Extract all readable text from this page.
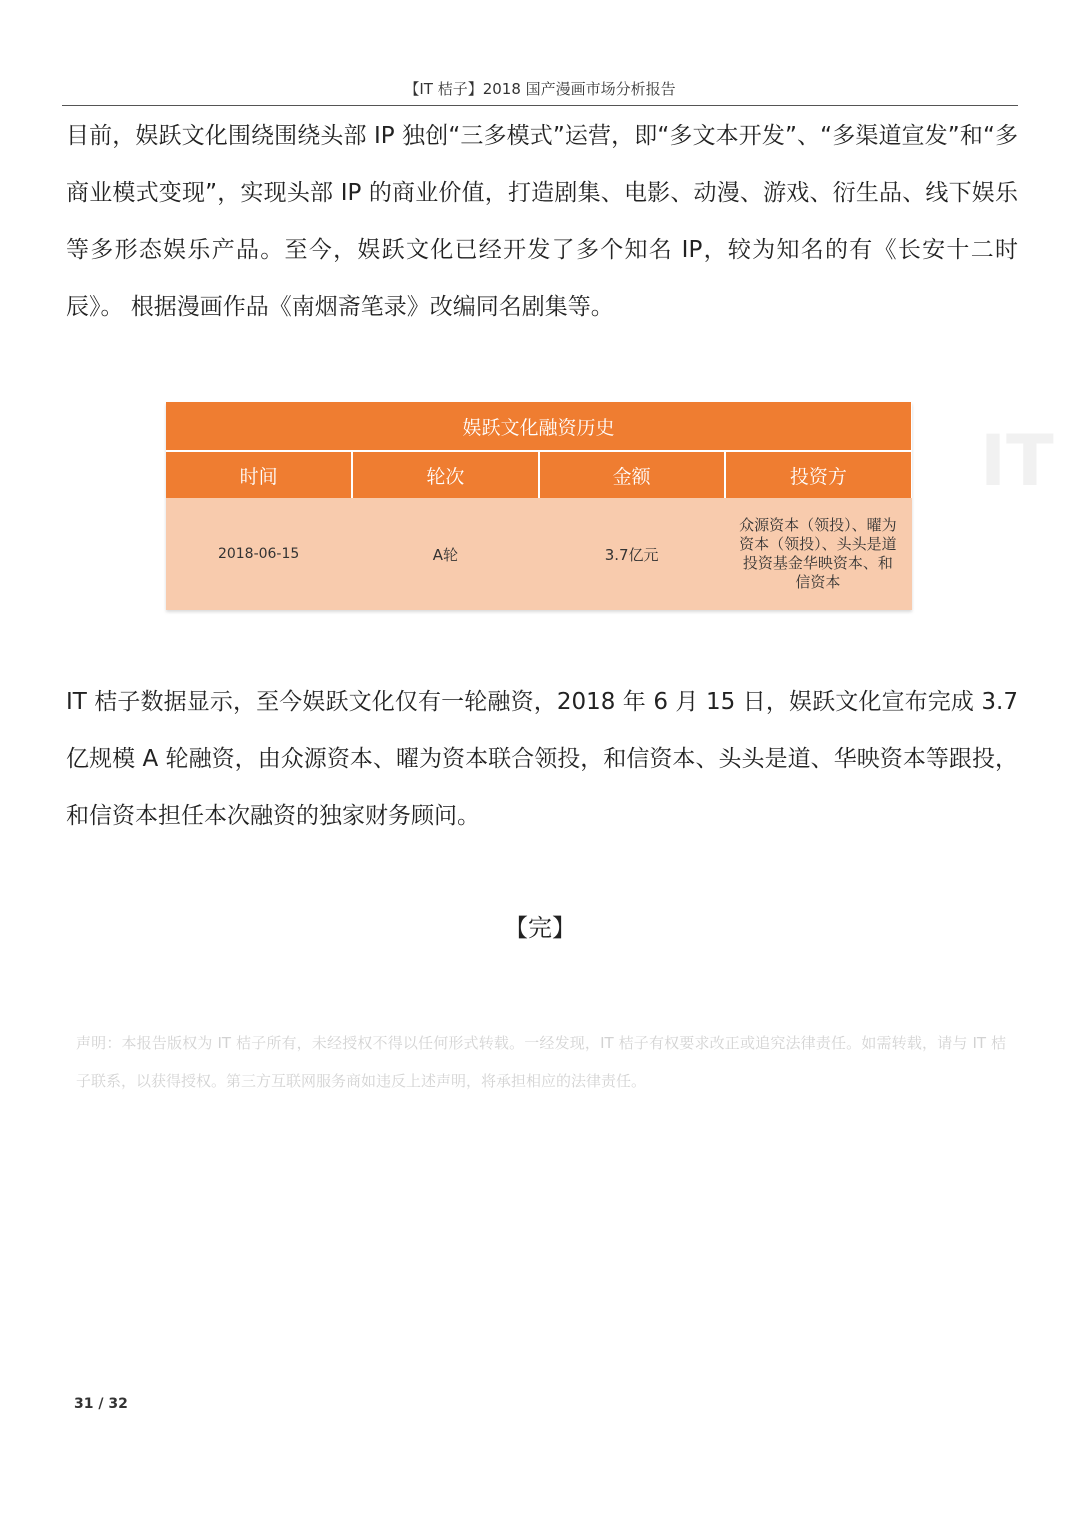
IT
【IT 桔子】2018 国产漫画市场分析报告

目前，娱跃文化围绕围绕头部 IP 独创“三多模式”运营，即“多文本开发”、“多渠道宣发”和“多商业模式变现”，实现头部 IP 的商业价值，打造剧集、电影、动漫、游戏、衍生品、线下娱乐等多形态娱乐产品。至今，娱跃文化已经开发了多个知名 IP，较为知名的有《长安十二时辰》。 根据漫画作品《南烟斋笔录》改编同名剧集等。

娱跃文化融资历史			
时间	轮次	金额	投资方
2018-06-15	A轮	3.7亿元	众源资本（领投）、曜为资本（领投）、头头是道投资基金华映资本、和信资本

IT 桔子数据显示，至今娱跃文化仅有一轮融资，2018 年 6 月 15 日，娱跃文化宣布完成 3.7 亿规模 A 轮融资，由众源资本、曜为资本联合领投，和信资本、头头是道、华映资本等跟投，和信资本担任本次融资的独家财务顾问。

【完】

声明：本报告版权为 IT 桔子所有，未经授权不得以任何形式转载。一经发现，IT 桔子有权要求改正或追究法律责任。如需转载，请与 IT 桔子联系，以获得授权。第三方互联网服务商如违反上述声明，将承担相应的法律责任。

31 / 32
